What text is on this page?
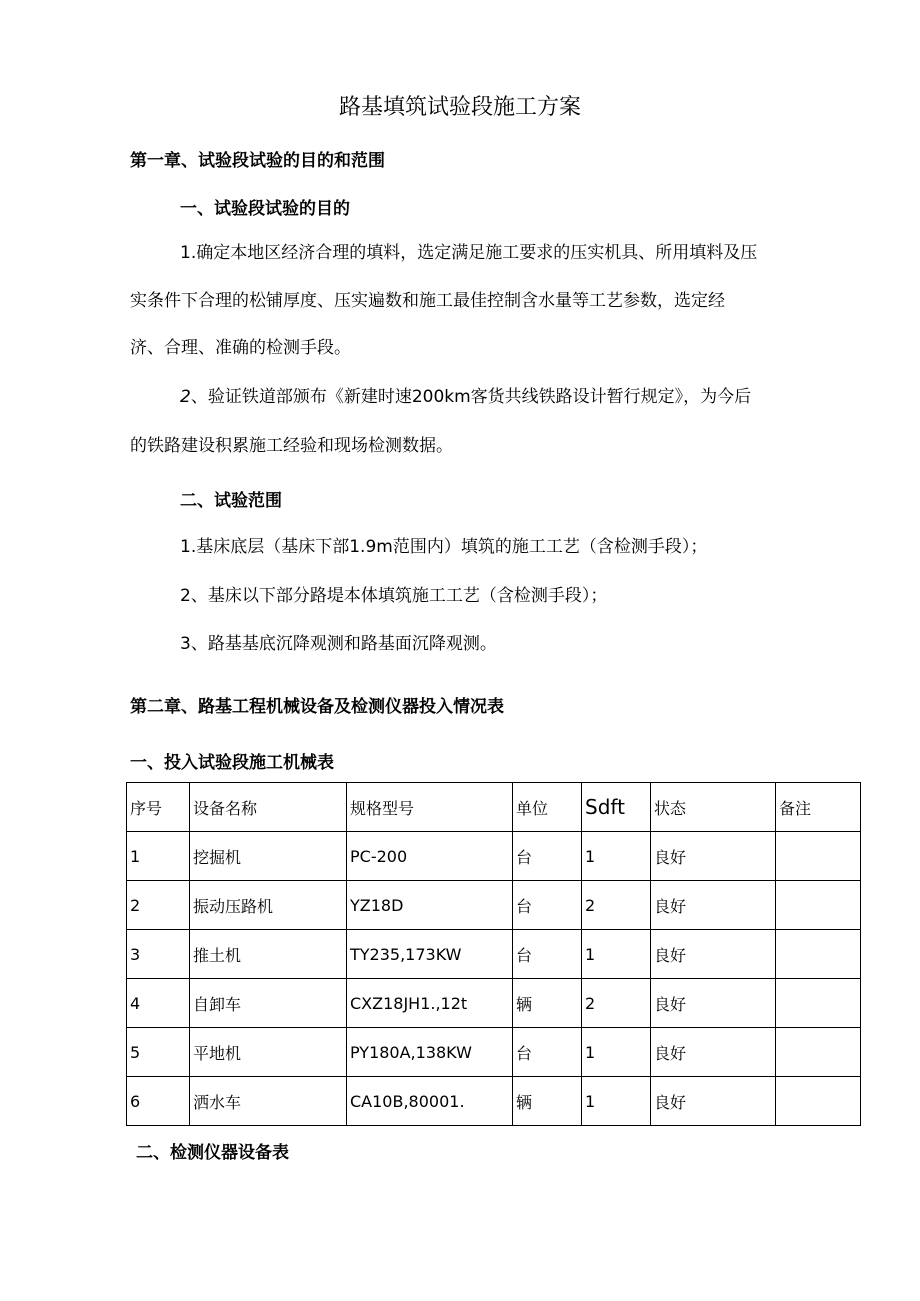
路基填筑试验段施工方案
第一章、试验段试验的目的和范围
一、试验段试验的目的
1.确定本地区经济合理的填料，选定满足施工要求的压实机具、所用填料及压
实条件下合理的松铺厚度、压实遍数和施工最佳控制含水量等工艺参数，选定经
济、合理、准确的检测手段。
2、验证铁道部颁布《新建时速200km客货共线铁路设计暂行规定》，为今后
的铁路建设积累施工经验和现场检测数据。
二、试验范围
1.基床底层（基床下部1.9m范围内）填筑的施工工艺（含检测手段）；
2、基床以下部分路堤本体填筑施工工艺（含检测手段）；
3、路基基底沉降观测和路基面沉降观测。
第二章、路基工程机械设备及检测仪器投入情况表
一、投入试验段施工机械表
序号	设备名称	规格型号	单位	Sdft	状态	备注
1	挖掘机	PC-200	台	1	良好	
2	振动压路机	YZ18D	台	2	良好	
3	推土机	TY235,173KW	台	1	良好	
4	自卸车	CXZ18JH1.,12t	辆	2	良好	
5	平地机	PY180A,138KW	台	1	良好	
6	洒水车	CA10B,80001.	辆	1	良好	
二、检测仪器设备表
